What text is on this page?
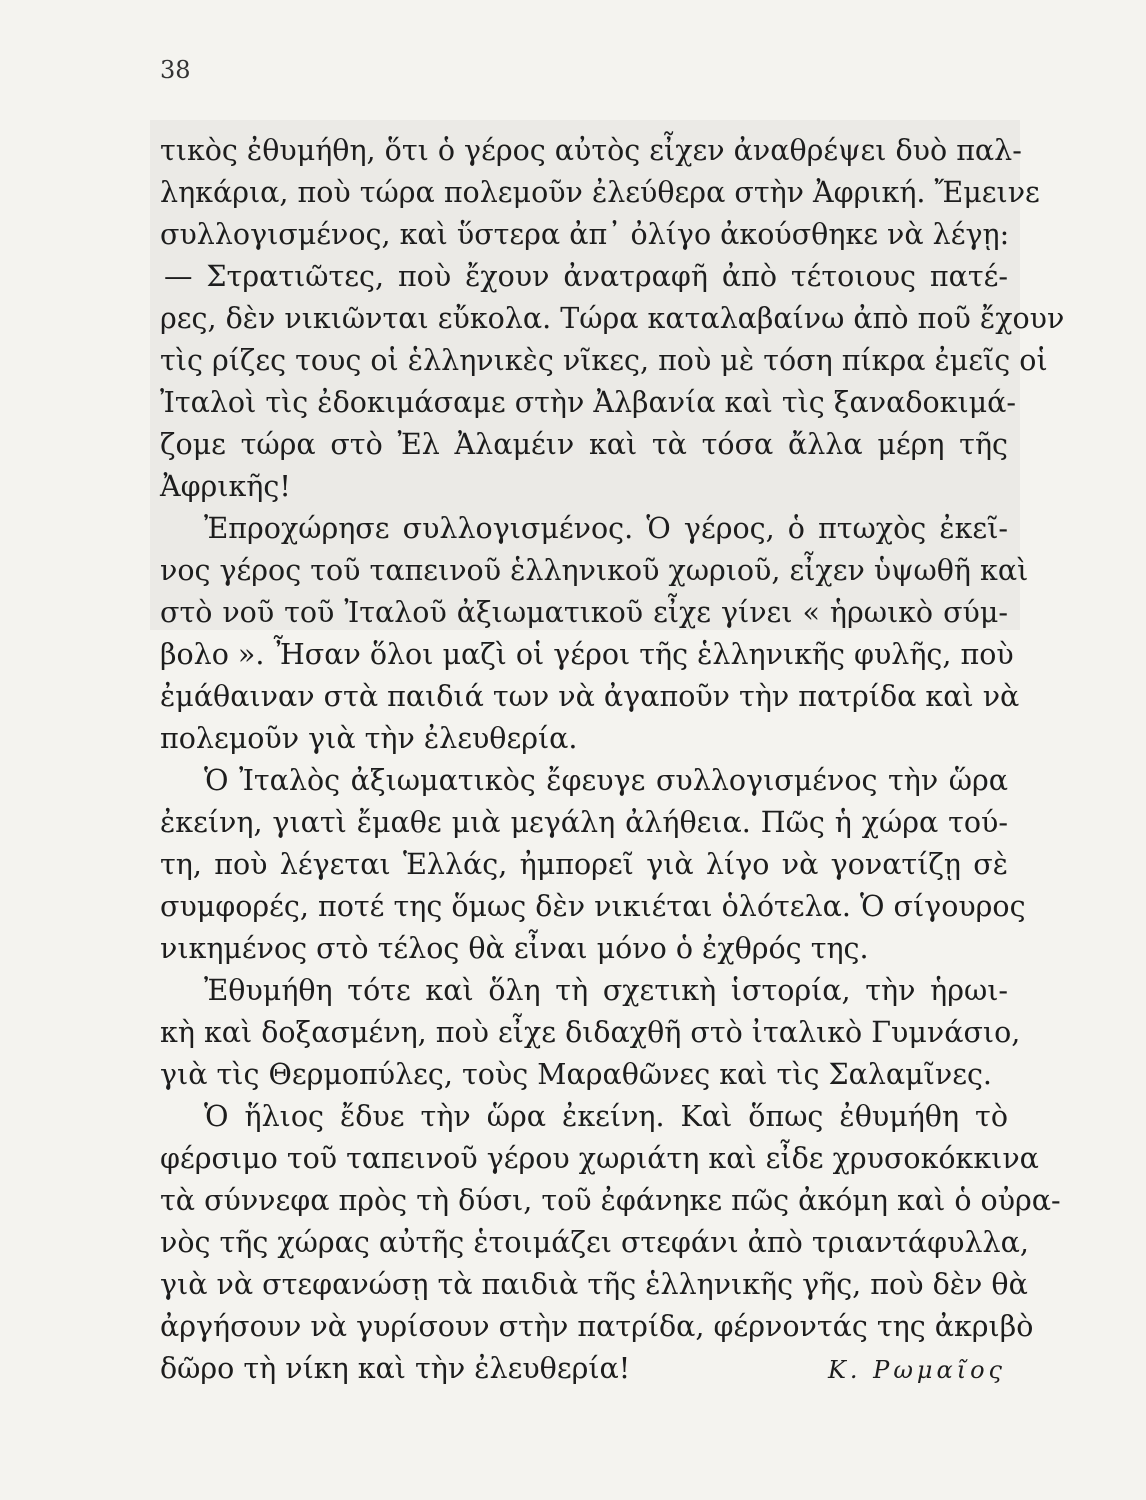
38
τικὸς ἐθυμήθη, ὅτι ὁ γέρος αὐτὸς εἶχεν ἀναθρέψει δυὸ παλ-
ληκάρια, ποὺ τώρα πολεμοῦν ἐλεύθερα στὴν Ἀφρική. Ἔμεινε
συλλογισμένος, καὶ ὕστερα ἀπ᾿ ὀλίγο ἀκούσθηκε νὰ λέγῃ:
— Στρατιῶτες, ποὺ ἔχουν ἀνατραφῆ ἀπὸ τέτοιους πατέ-
ρες, δὲν νικιῶνται εὔκολα. Τώρα καταλαβαίνω ἀπὸ ποῦ ἔχουν
τὶς ρίζες τους οἱ ἑλληνικὲς νῖκες, ποὺ μὲ τόση πίκρα ἐμεῖς οἱ
Ἰταλοὶ τὶς ἐδοκιμάσαμε στὴν Ἀλβανία καὶ τὶς ξαναδοκιμά-
ζομε τώρα στὸ Ἐλ Ἀλαμέιν καὶ τὰ τόσα ἄλλα μέρη τῆς
Ἀφρικῆς!
Ἐπροχώρησε συλλογισμένος. Ὁ γέρος, ὁ πτωχὸς ἐκεῖ-
νος γέρος τοῦ ταπεινοῦ ἑλληνικοῦ χωριοῦ, εἶχεν ὑψωθῆ καὶ
στὸ νοῦ τοῦ Ἰταλοῦ ἀξιωματικοῦ εἶχε γίνει « ἡρωικὸ σύμ-
βολο ». Ἦσαν ὅλοι μαζὶ οἱ γέροι τῆς ἑλληνικῆς φυλῆς, ποὺ
ἐμάθαιναν στὰ παιδιά των νὰ ἀγαποῦν τὴν πατρίδα καὶ νὰ
πολεμοῦν γιὰ τὴν ἐλευθερία.
Ὁ Ἰταλὸς ἀξιωματικὸς ἔφευγε συλλογισμένος τὴν ὥρα
ἐκείνη, γιατὶ ἔμαθε μιὰ μεγάλη ἀλήθεια. Πῶς ἡ χώρα τού-
τη, ποὺ λέγεται Ἑλλάς, ἠμπορεῖ γιὰ λίγο νὰ γονατίζῃ σὲ
συμφορές, ποτέ της ὅμως δὲν νικιέται ὁλότελα. Ὁ σίγουρος
νικημένος στὸ τέλος θὰ εἶναι μόνο ὁ ἐχθρός της.
Ἐθυμήθη τότε καὶ ὅλη τὴ σχετικὴ ἱστορία, τὴν ἡρωι-
κὴ καὶ δοξασμένη, ποὺ εἶχε διδαχθῆ στὸ ἰταλικὸ Γυμνάσιο,
γιὰ τὶς Θερμοπύλες, τοὺς Μαραθῶνες καὶ τὶς Σαλαμῖνες.
Ὁ ἥλιος ἔδυε τὴν ὥρα ἐκείνη. Καὶ ὅπως ἐθυμήθη τὸ
φέρσιμο τοῦ ταπεινοῦ γέρου χωριάτη καὶ εἶδε χρυσοκόκκινα
τὰ σύννεφα πρὸς τὴ δύσι, τοῦ ἐφάνηκε πῶς ἀκόμη καὶ ὁ οὐρα-
νὸς τῆς χώρας αὐτῆς ἑτοιμάζει στεφάνι ἀπὸ τριαντάφυλλα,
γιὰ νὰ στεφανώσῃ τὰ παιδιὰ τῆς ἑλληνικῆς γῆς, ποὺ δὲν θὰ
ἀργήσουν νὰ γυρίσουν στὴν πατρίδα, φέρνοντάς της ἀκριβὸ
δῶρο τὴ νίκη καὶ τὴν ἐλευθερία!	Κ. Ρωμαῖος
